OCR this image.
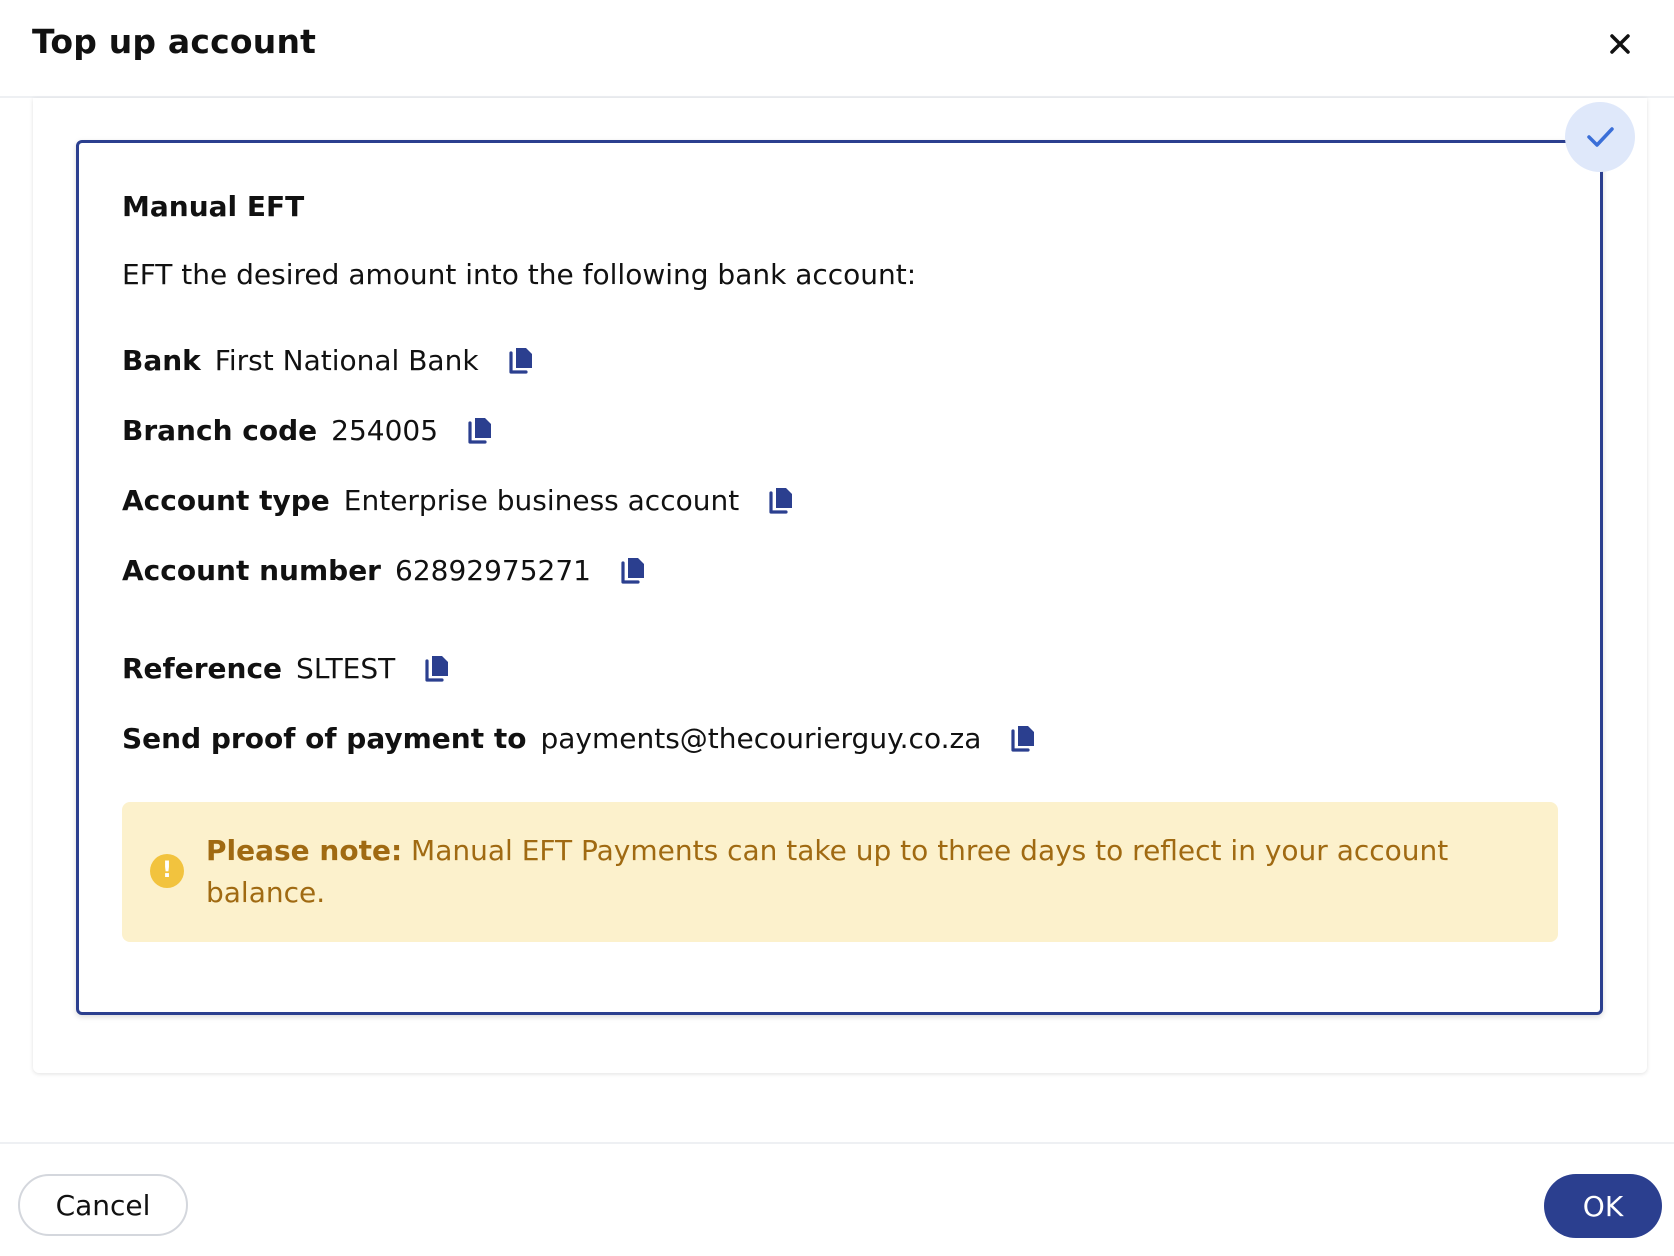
Top up account
Manual EFT
EFT the desired amount into the following bank account:
Bank First National Bank
Branch code 254005
Account type Enterprise business account
Account number 62892975271
Reference SLTEST
Send proof of payment to payments@thecourierguy.co.za
!
Please note: Manual EFT Payments can take up to three days to reflect in your account balance.
Cancel	OK
